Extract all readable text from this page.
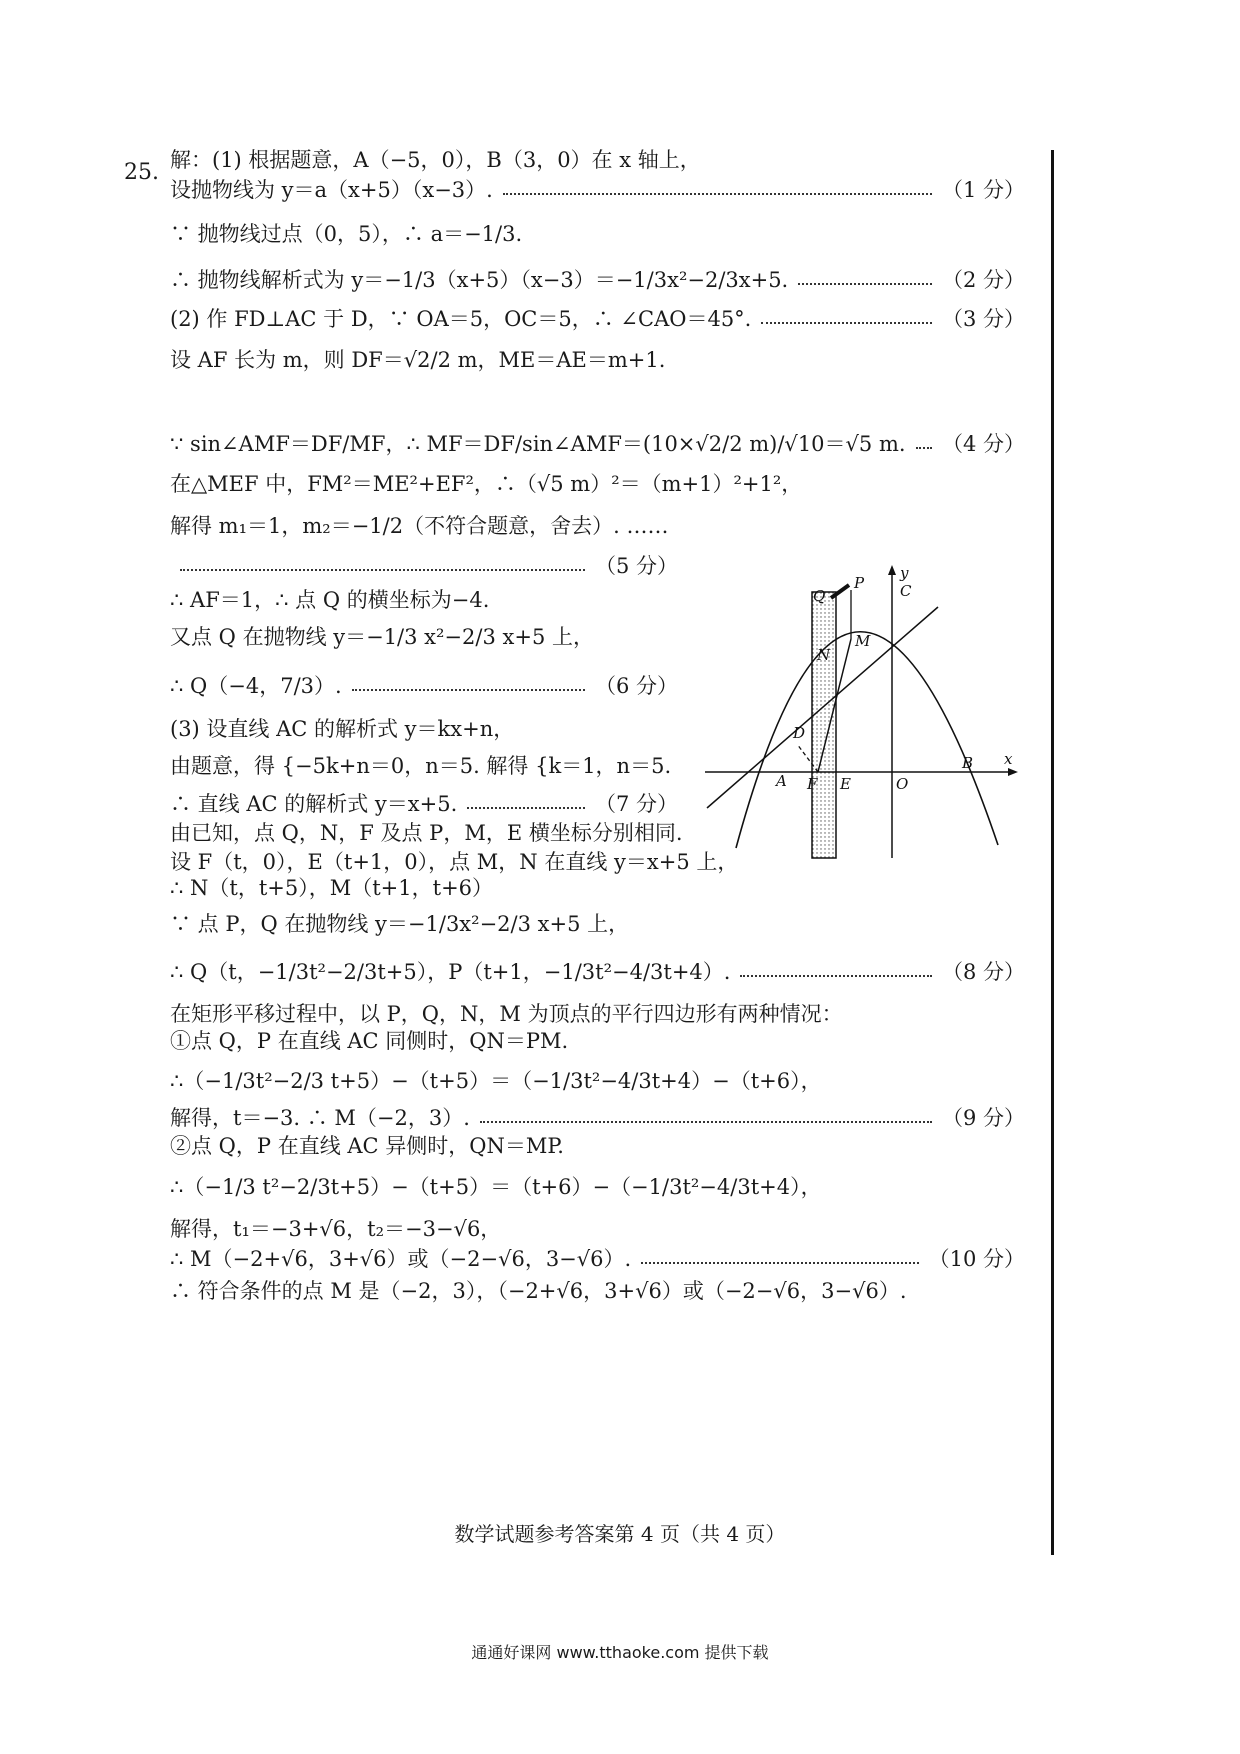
25. 解：(1) 根据题意，A（−5，0），B（3，0）在 x 轴上，
设抛物线为 y＝a（x+5）（x−3）.	（1 分）
∵ 抛物线过点（0，5），∴ a＝−1/3.
∴ 抛物线解析式为 y＝−1/3（x+5）（x−3）＝−1/3x²−2/3x+5.	（2 分）
(2) 作 FD⊥AC 于 D，∵ OA＝5，OC＝5，∴ ∠CAO＝45°.	（3 分）
设 AF 长为 m，则 DF＝√2/2 m，ME＝AE＝m+1.
∵ sin∠AMF＝DF/MF，∴ MF＝DF/sin∠AMF＝(10×√2/2 m)/√10＝√5 m. （4 分）
在△MEF 中，FM²＝ME²+EF²，∴（√5 m）²＝（m+1）²+1²，
解得 m₁＝1，m₂＝−1/2（不符合题意，舍去）. ……
（5 分）
∴ AF＝1，∴ 点 Q 的横坐标为−4.
又点 Q 在抛物线 y＝−1/3 x²−2/3 x+5 上，
∴ Q（−4，7/3）.	（6 分）
(3) 设直线 AC 的解析式 y＝kx+n，
由题意，得 {−5k+n＝0，n＝5. 解得 {k＝1，n＝5.
∴ 直线 AC 的解析式 y＝x+5.	（7 分）
由已知，点 Q，N，F 及点 P，M，E 横坐标分别相同.
设 F（t，0），E（t+1，0），点 M，N 在直线 y＝x+5 上，
∴ N（t，t+5），M（t+1，t+6）
∵ 点 P，Q 在抛物线 y＝−1/3x²−2/3 x+5 上，
∴ Q（t，−1/3t²−2/3t+5），P（t+1，−1/3t²−4/3t+4）.	（8 分）
在矩形平移过程中，以 P，Q，N，M 为顶点的平行四边形有两种情况：
①点 Q，P 在直线 AC 同侧时，QN＝PM.
∴（−1/3t²−2/3 t+5）−（t+5）＝（−1/3t²−4/3t+4）−（t+6），
解得，t＝−3. ∴ M（−2，3）.	（9 分）
②点 Q，P 在直线 AC 异侧时，QN＝MP.
∴（−1/3 t²−2/3t+5）−（t+5）＝（t+6）−（−1/3t²−4/3t+4），
解得，t₁＝−3+√6，t₂＝−3−√6，
∴ M（−2+√6，3+√6）或（−2−√6，3−√6）.	（10 分）
∴ 符合条件的点 M 是（−2，3），（−2+√6，3+√6）或（−2−√6，3−√6）.
y
x
P
Q	C
M
N
D
A F E	O
B
数学试题参考答案第 4 页（共 4 页）
通通好课网 www.tthaoke.com 提供下载
